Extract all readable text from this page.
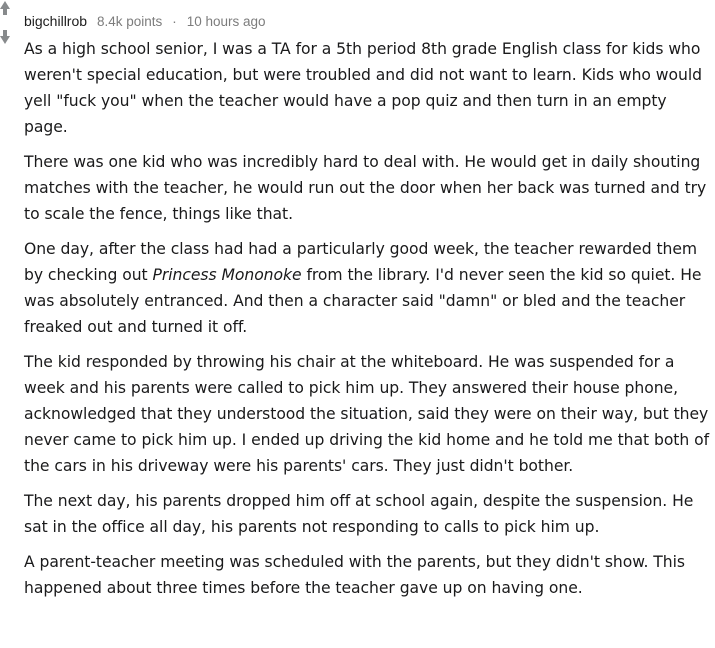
bigchillrob 8.4k points · 10 hours ago

As a high school senior, I was a TA for a 5th period 8th grade English class for kids who weren't special education, but were troubled and did not want to learn. Kids who would yell "fuck you" when the teacher would have a pop quiz and then turn in an empty page.

There was one kid who was incredibly hard to deal with. He would get in daily shouting matches with the teacher, he would run out the door when her back was turned and try to scale the fence, things like that.

One day, after the class had had a particularly good week, the teacher rewarded them by checking out Princess Mononoke from the library. I'd never seen the kid so quiet. He was absolutely entranced. And then a character said "damn" or bled and the teacher freaked out and turned it off.

The kid responded by throwing his chair at the whiteboard. He was suspended for a week and his parents were called to pick him up. They answered their house phone, acknowledged that they understood the situation, said they were on their way, but they never came to pick him up. I ended up driving the kid home and he told me that both of the cars in his driveway were his parents' cars. They just didn't bother.

The next day, his parents dropped him off at school again, despite the suspension. He sat in the office all day, his parents not responding to calls to pick him up.

A parent-teacher meeting was scheduled with the parents, but they didn't show. This happened about three times before the teacher gave up on having one.
